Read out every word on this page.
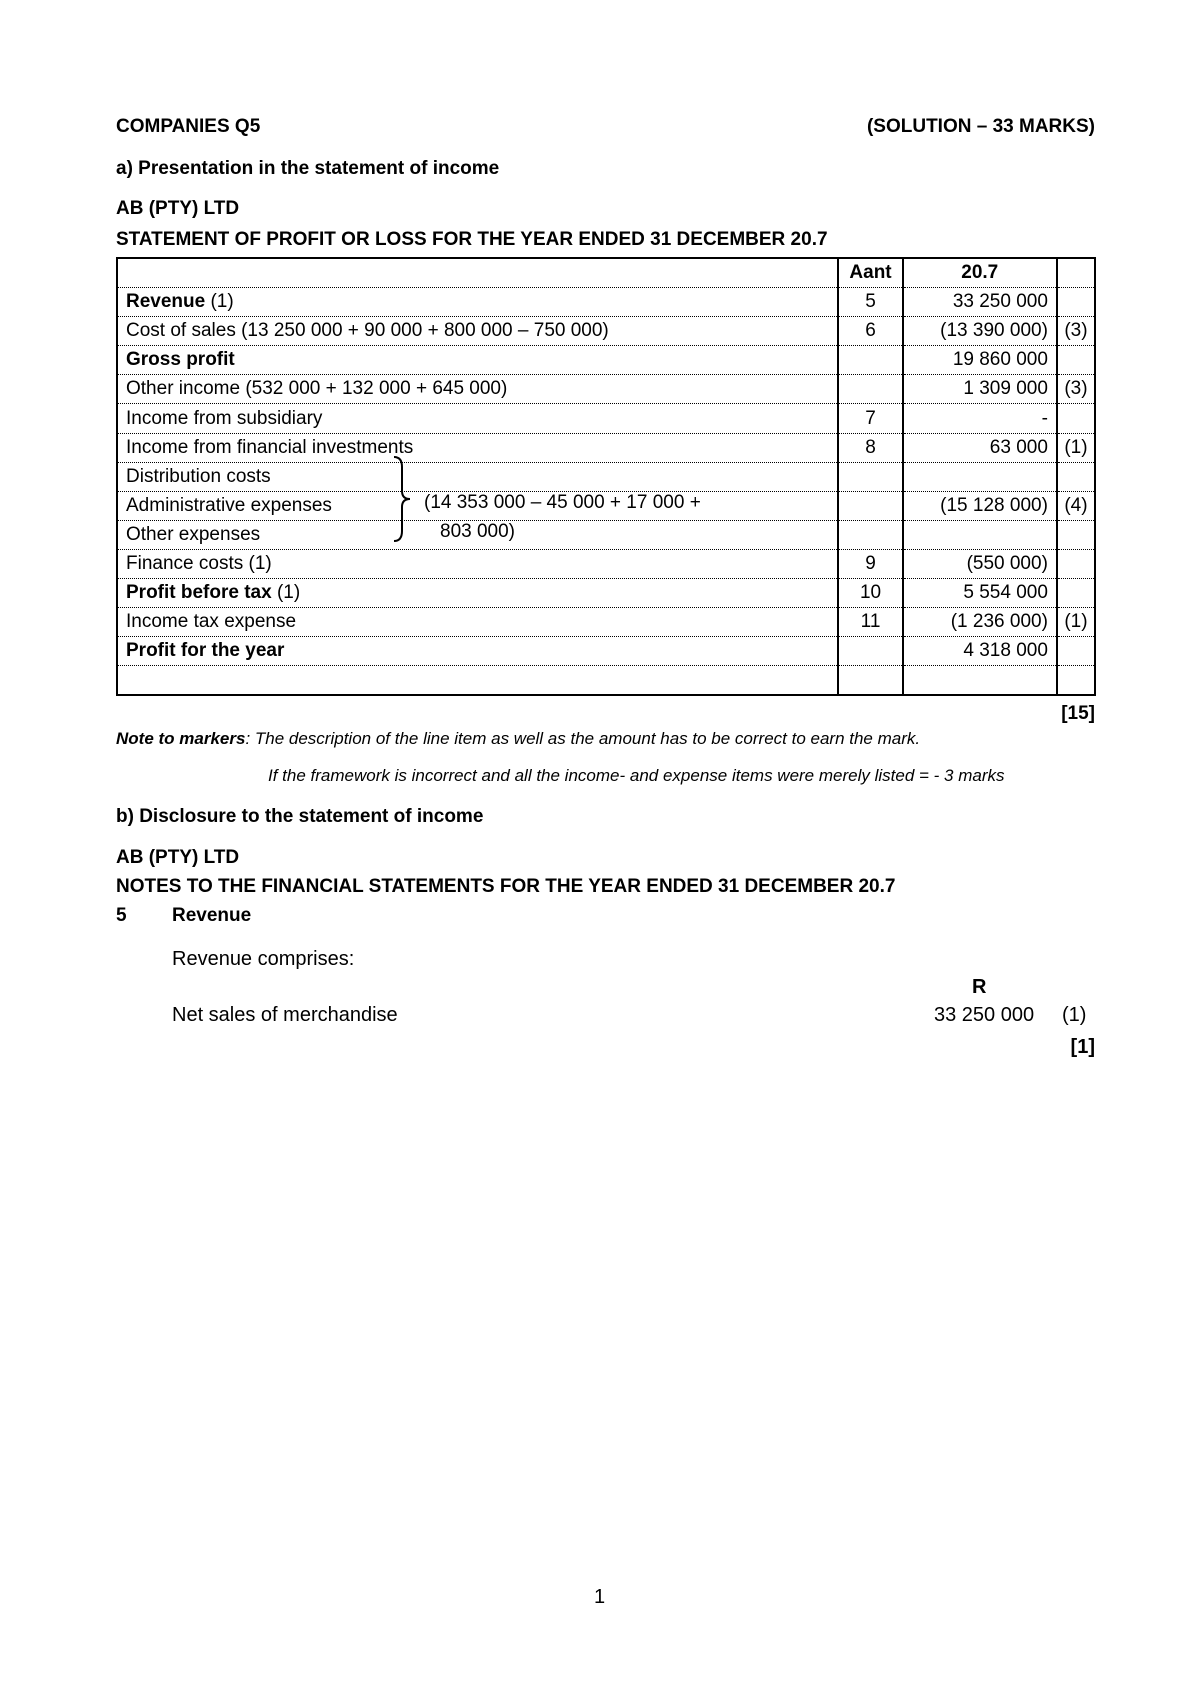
COMPANIES Q5	(SOLUTION – 33 MARKS)
a) Presentation in the statement of income
AB (PTY) LTD
STATEMENT OF PROFIT OR LOSS FOR THE YEAR ENDED 31 DECEMBER 20.7
	Aant	20.7	
Revenue (1)	5	33 250 000	
Cost of sales (13 250 000 + 90 000 + 800 000 – 750 000)	6	(13 390 000)	(3)
Gross profit		19 860 000	
Other income (532 000 + 132 000 + 645 000)		1 309 000	(3)
Income from subsidiary	7	-	
Income from financial investments	8	63 000	(1)
Distribution costs			
Administrative expenses		(15 128 000)	(4)
Other expenses			
Finance costs (1)	9	(550 000)	
Profit before tax (1)	10	5 554 000	
Income tax expense	11	(1 236 000)	(1)
Profit for the year		4 318 000	

(14 353 000 – 45 000 + 17 000 +
803 000)
[15]
Note to markers: The description of the line item as well as the amount has to be correct to earn the mark.
If the framework is incorrect and all the income- and expense items were merely listed = - 3 marks
b) Disclosure to the statement of income
AB (PTY) LTD
NOTES TO THE FINANCIAL STATEMENTS FOR THE YEAR ENDED 31 DECEMBER 20.7
5 Revenue
Revenue comprises:
R
Net sales of merchandise	33 250 000 (1)
[1]
1
